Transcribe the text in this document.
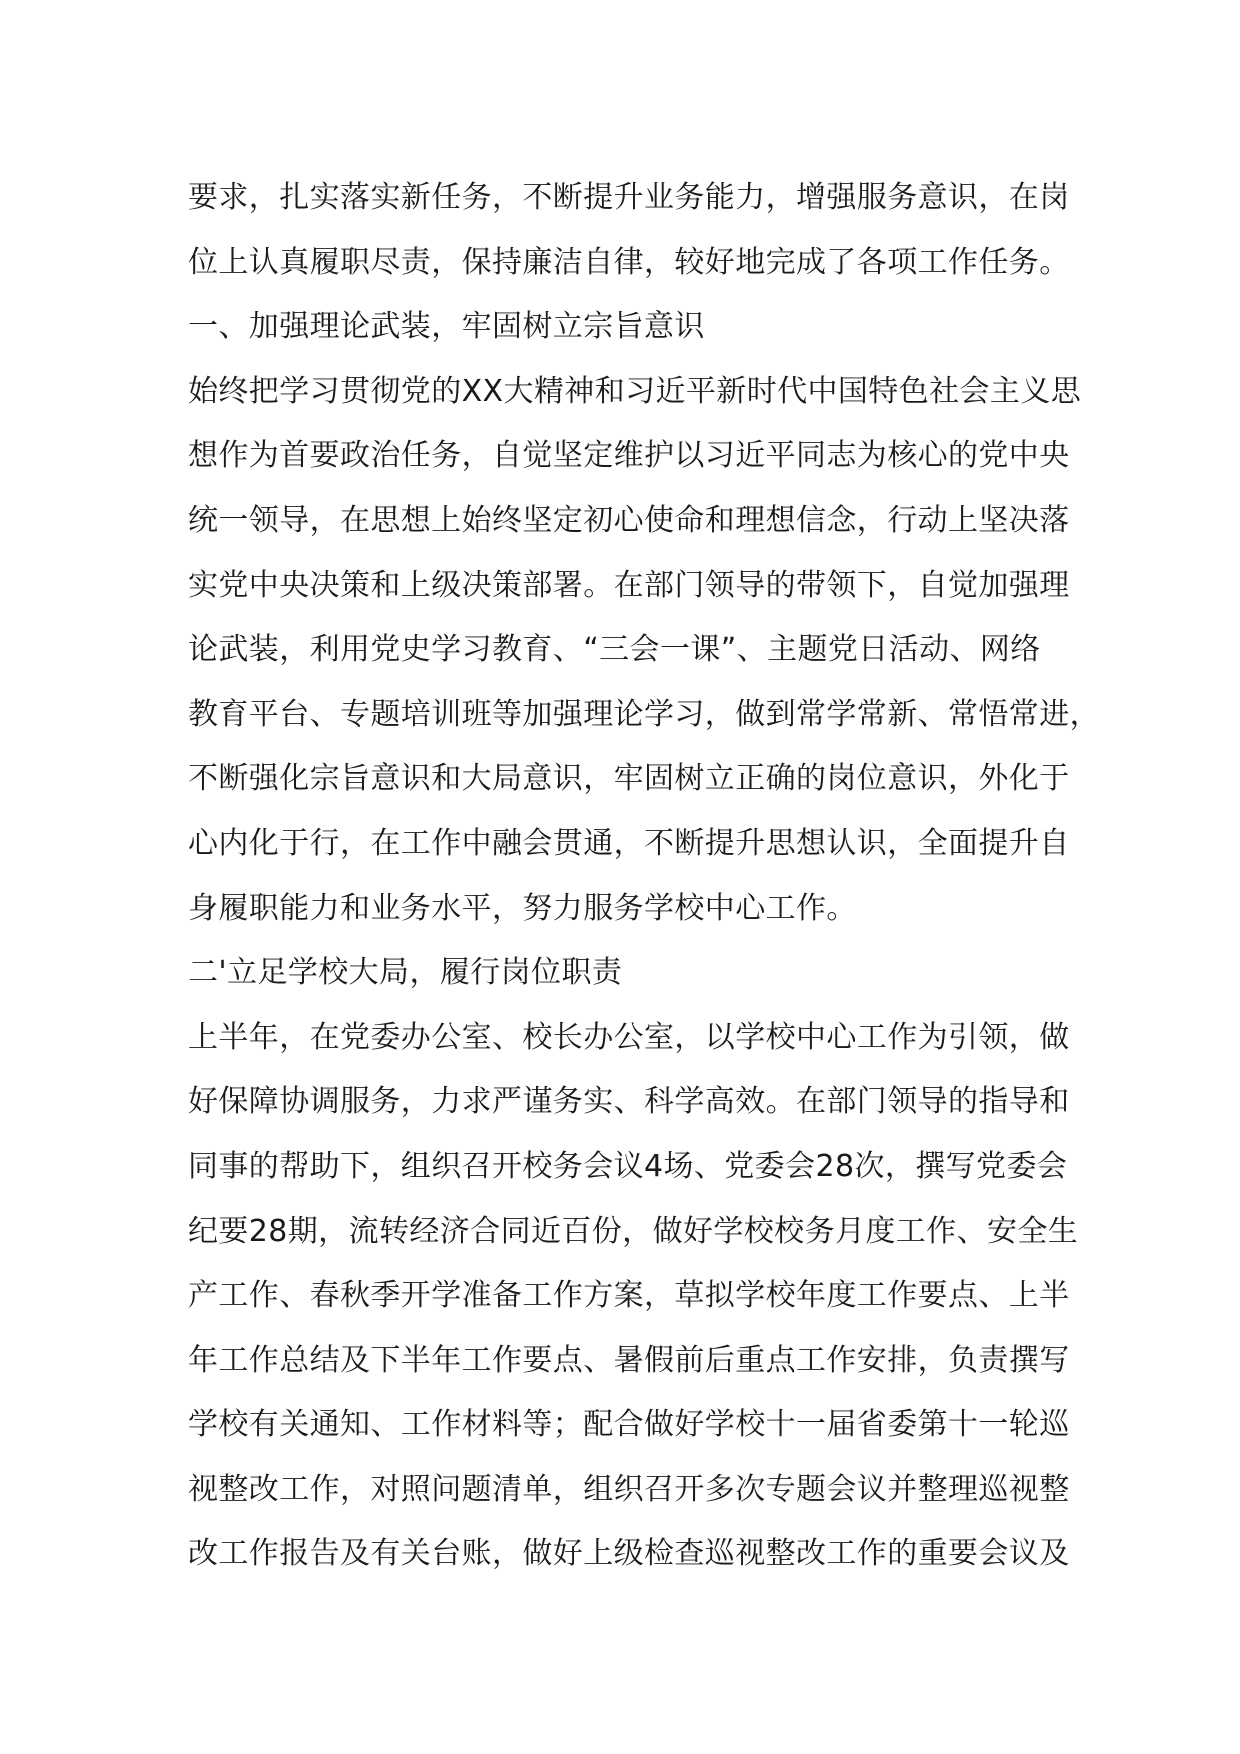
要求，扎实落实新任务，不断提升业务能力，增强服务意识，在岗
位上认真履职尽责，保持廉洁自律，较好地完成了各项工作任务。
一、加强理论武装，牢固树立宗旨意识
始终把学习贯彻党的XX大精神和习近平新时代中国特色社会主义思
想作为首要政治任务，自觉坚定维护以习近平同志为核心的党中央
统一领导，在思想上始终坚定初心使命和理想信念，行动上坚决落
实党中央决策和上级决策部署。在部门领导的带领下，自觉加强理
论武装，利用党史学习教育、“三会一课”、主题党日活动、网络
教育平台、专题培训班等加强理论学习，做到常学常新、常悟常进，
不断强化宗旨意识和大局意识，牢固树立正确的岗位意识，外化于
心内化于行，在工作中融会贯通，不断提升思想认识，全面提升自
身履职能力和业务水平，努力服务学校中心工作。
二'立足学校大局，履行岗位职责
上半年，在党委办公室、校长办公室，以学校中心工作为引领，做
好保障协调服务，力求严谨务实、科学高效。在部门领导的指导和
同事的帮助下，组织召开校务会议4场、党委会28次，撰写党委会
纪要28期，流转经济合同近百份，做好学校校务月度工作、安全生
产工作、春秋季开学准备工作方案，草拟学校年度工作要点、上半
年工作总结及下半年工作要点、暑假前后重点工作安排，负责撰写
学校有关通知、工作材料等；配合做好学校十一届省委第十一轮巡
视整改工作，对照问题清单，组织召开多次专题会议并整理巡视整
改工作报告及有关台账，做好上级检查巡视整改工作的重要会议及
